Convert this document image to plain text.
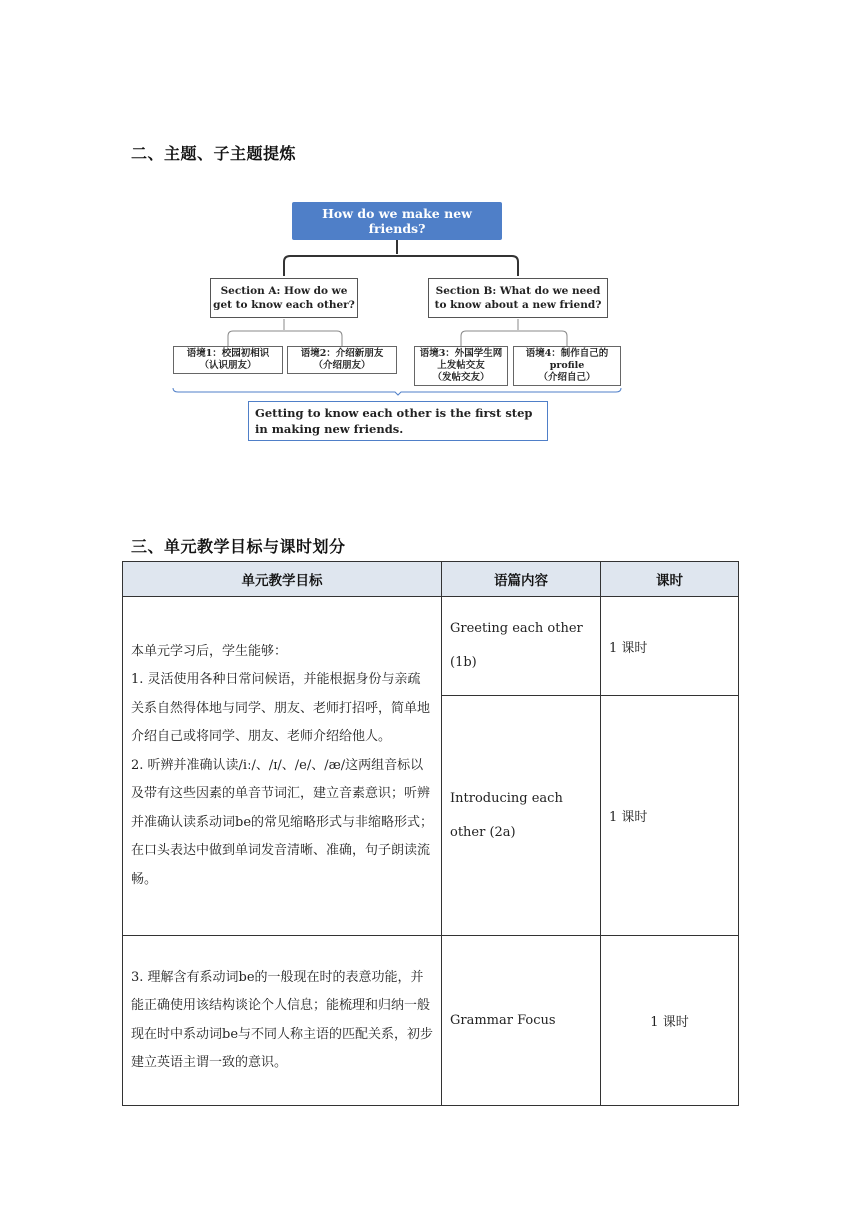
二、主题、子主题提炼
How do we make new friends?
Section A: How do we get to know each other?
Section B: What do we need to know about a new friend?
语境1：校园初相识
（认识朋友）
语境2：介绍新朋友
（介绍朋友）
语境3：外国学生网上发帖交友
（发帖交友）
语境4：制作自己的profile
（介绍自己）
Getting to know each other is the first step in making new friends.
三、单元教学目标与课时划分
单元教学目标	语篇内容	课时

本单元学习后，学生能够：

1. 灵活使用各种日常问候语，并能根据身份与亲疏关系自然得体地与同学、朋友、老师打招呼，简单地介绍自己或将同学、朋友、老师介绍给他人。

2. 听辨并准确认读/iː/、/ɪ/、/e/、/æ/这两组音标以及带有这些因素的单音节词汇，建立音素意识；听辨并准确认读系动词be的常见缩略形式与非缩略形式；在口头表达中做到单词发音清晰、准确，句子朗读流畅。	Greeting each other (1b)	1 课时
	Introducing each other (2a)	1 课时

3. 理解含有系动词be的一般现在时的表意功能，并能正确使用该结构谈论个人信息；能梳理和归纳一般现在时中系动词be与不同人称主语的匹配关系，初步建立英语主谓一致的意识。	Grammar Focus	1 课时
